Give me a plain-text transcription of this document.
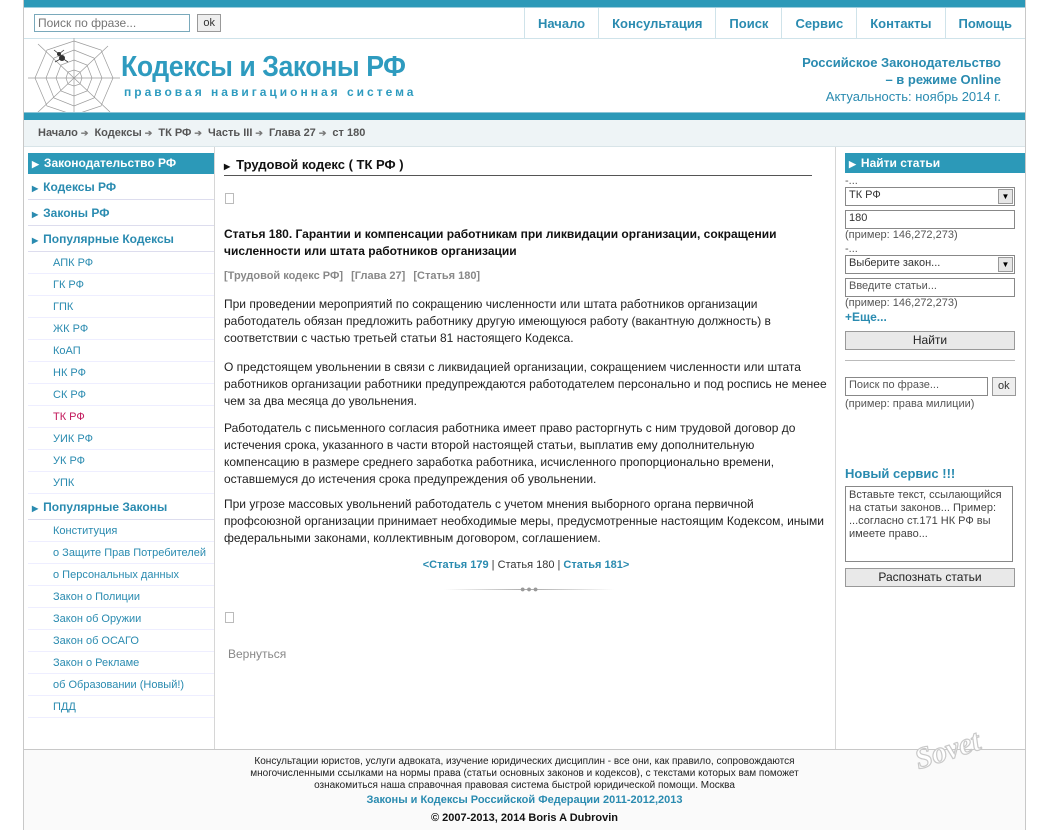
Поиск по фразе... ok	Начало	Консультация	Поиск	Сервис	Контакты	Помощь
Кодексы и Законы РФ
правовая навигационная система
Российское Законодательство
– в режиме Online
Актуальность: ноябрь 2014 г.
Начало ➔ Кодексы ➔ ТК РФ ➔ Часть III ➔ Глава 27 ➔ ст 180
▶ Законодательство РФ
▶ Кодексы РФ
▶ Законы РФ
▶ Популярные Кодексы
АПК РФ
ГК РФ
ГПК
ЖК РФ
КоАП
НК РФ
СК РФ
ТК РФ
УИК РФ
УК РФ
УПК
▶ Популярные Законы
Конституция
о Защите Прав Потребителей
о Персональных данных
Закон о Полиции
Закон об Оружии
Закон об ОСАГО
Закон о Рекламе
об Образовании (Новый!)
ПДД
▶ Трудовой кодекс ( ТК РФ )
Статья 180. Гарантии и компенсации работникам при ликвидации организации, сокращении численности или штата работников организации
[Трудовой кодекс РФ] [Глава 27] [Статья 180]
При проведении мероприятий по сокращению численности или штата работников организации работодатель обязан предложить работнику другую имеющуюся работу (вакантную должность) в соответствии с частью третьей статьи 81 настоящего Кодекса.
О предстоящем увольнении в связи с ликвидацией организации, сокращением численности или штата работников организации работники предупреждаются работодателем персонально и под роспись не менее чем за два месяца до увольнения.
Работодатель с письменного согласия работника имеет право расторгнуть с ним трудовой договор до истечения срока, указанного в части второй настоящей статьи, выплатив ему дополнительную компенсацию в размере среднего заработка работника, исчисленного пропорционально времени, оставшемуся до истечения срока предупреждения об увольнении.
При угрозе массовых увольнений работодатель с учетом мнения выборного органа первичной профсоюзной организации принимает необходимые меры, предусмотренные настоящим Кодексом, иными федеральными законами, коллективным договором, соглашением.
<Статья 179 | Статья 180 | Статья 181>
●●●
Вернуться
▶ Найти статьи
-...
ТК РФ	▼
180
(пример: 146,272,273)
-...
Выберите закон...	▼
Введите статьи...
(пример: 146,272,273)
+Еще...
Найти
Поиск по фразе...	ok
(пример: права милиции)
Новый сервис !!!
Вставьте текст, ссылающийся на статьи законов... Пример: ...согласно ст.171 НК РФ вы имеете право...
Распознать статьи
Консультации юристов, услуги адвоката, изучение юридических дисциплин - все они, как правило, сопровождаются многочисленными ссылками на нормы права (статьи основных законов и кодексов), с текстами которых вам поможет ознакомиться наша справочная правовая система быстрой юридической помощи. Москва
Законы и Кодексы Российской Федерации 2011-2012,2013
© 2007-2013, 2014 Boris A Dubrovin
Sovet
